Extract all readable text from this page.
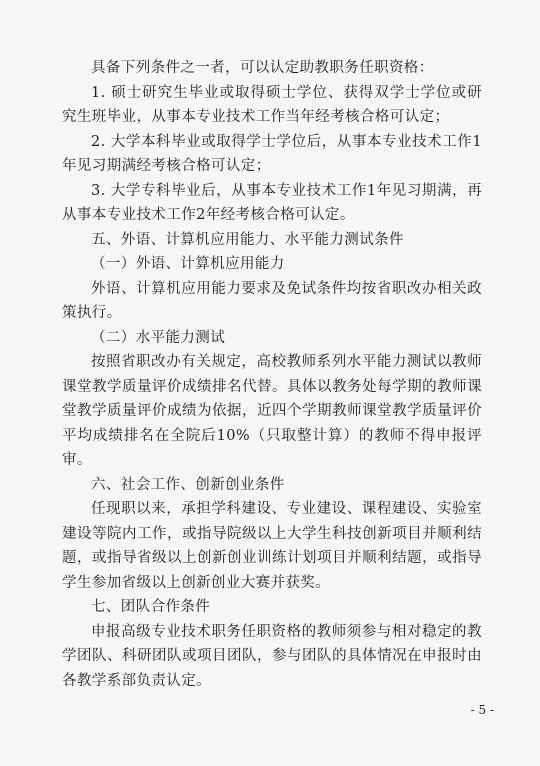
具备下列条件之一者，可以认定助教职务任职资格：

1. 硕士研究生毕业或取得硕士学位、获得双学士学位或研究生班毕业，从事本专业技术工作当年经考核合格可认定；

2. 大学本科毕业或取得学士学位后，从事本专业技术工作1年见习期满经考核合格可认定；

3. 大学专科毕业后，从事本专业技术工作1年见习期满，再从事本专业技术工作2年经考核合格可认定。

五、外语、计算机应用能力、水平能力测试条件

（一）外语、计算机应用能力

外语、计算机应用能力要求及免试条件均按省职改办相关政策执行。

（二）水平能力测试

按照省职改办有关规定，高校教师系列水平能力测试以教师课堂教学质量评价成绩排名代替。具体以教务处每学期的教师课堂教学质量评价成绩为依据，近四个学期教师课堂教学质量评价平均成绩排名在全院后10%（只取整计算）的教师不得申报评审。

六、社会工作、创新创业条件

任现职以来，承担学科建设、专业建设、课程建设、实验室建设等院内工作，或指导院级以上大学生科技创新项目并顺利结题，或指导省级以上创新创业训练计划项目并顺利结题，或指导学生参加省级以上创新创业大赛并获奖。

七、团队合作条件

申报高级专业技术职务任职资格的教师须参与相对稳定的教学团队、科研团队或项目团队，参与团队的具体情况在申报时由各教学系部负责认定。

- 5 -
